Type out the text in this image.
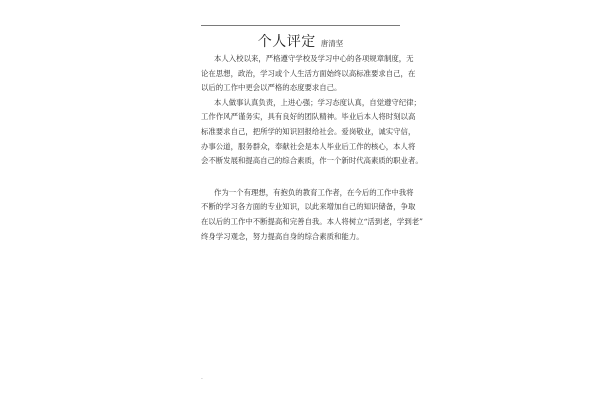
个人评定 唐清坚
本人入校以来，严格遵守学校及学习中心的各项规章制度，无
论在思想，政治，学习或个人生活方面始终以高标准要求自己，在
以后的工作中更会以严格的态度要求自己。
本人做事认真负责，上进心强；学习态度认真，自觉遵守纪律；
工作作风严谨务实，具有良好的团队精神。毕业后本人将时刻以高
标准要求自己，把所学的知识回报给社会。爱岗敬业，诚实守信，
办事公道，服务群众，奉献社会是本人毕业后工作的核心，本人将
会不断发展和提高自己的综合素质，作一个新时代高素质的职业者。
作为一个有理想，有抱负的教育工作者，在今后的工作中我将
不断的学习各方面的专业知识，以此来增加自己的知识储备，争取
在以后的工作中不断提高和完善自我。本人将树立“活到老，学到老”
终身学习观念，努力提高自身的综合素质和能力。
.
